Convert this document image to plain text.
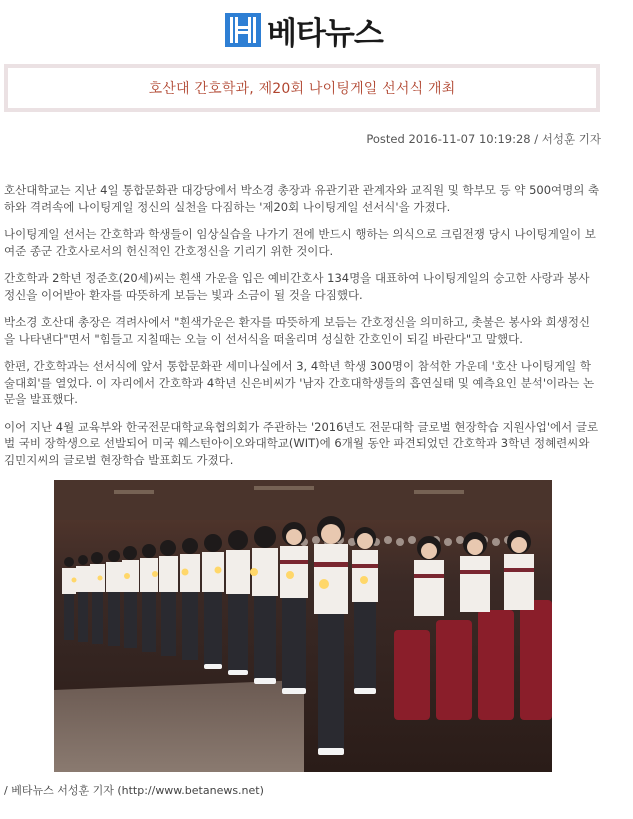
베타뉴스
호산대 간호학과, 제20회 나이팅게일 선서식 개최
Posted 2016-11-07 10:19:28 / 서성훈 기자

호산대학교는 지난 4일 통합문화관 대강당에서 박소경 총장과 유관기관 관계자와 교직원 및 학부모 등 약 500여명의 축하와 격려속에 나이팅게일 정신의 실천을 다짐하는 '제20회 나이팅게일 선서식'을 가졌다.

나이팅게일 선서는 간호학과 학생들이 임상실습을 나가기 전에 반드시 행하는 의식으로 크림전쟁 당시 나이팅게일이 보여준 종군 간호사로서의 헌신적인 간호정신을 기리기 위한 것이다.

간호학과 2학년 정준호(20세)씨는 흰색 가운을 입은 예비간호사 134명을 대표하여 나이팅게일의 숭고한 사랑과 봉사정신을 이어받아 환자를 따뜻하게 보듬는 빛과 소금이 될 것을 다짐했다.

박소경 호산대 총장은 격려사에서 "흰색가운은 환자를 따뜻하게 보듬는 간호정신을 의미하고, 촛불은 봉사와 희생정신을 나타낸다"면서 "힘들고 지칠때는 오늘 이 선서식을 떠올리며 성실한 간호인이 되길 바란다"고 말했다.

한편, 간호학과는 선서식에 앞서 통합문화관 세미나실에서 3, 4학년 학생 300명이 참석한 가운데 '호산 나이팅게일 학술대회'를 열었다. 이 자리에서 간호학과 4학년 신은비씨가 '남자 간호대학생들의 흡연실태 및 예측요인 분석'이라는 논문을 발표했다.

이어 지난 4월 교육부와 한국전문대학교육협의회가 주관하는 '2016년도 전문대학 글로벌 현장학습 지원사업'에서 글로벌 국비 장학생으로 선발되어 미국 웨스턴아이오와대학교(WIT)에 6개월 동안 파견되었던 간호학과 3학년 정혜련씨와 김민지씨의 글로벌 현장학습 발표회도 가졌다.

/ 베타뉴스 서성훈 기자 (http://www.betanews.net)
